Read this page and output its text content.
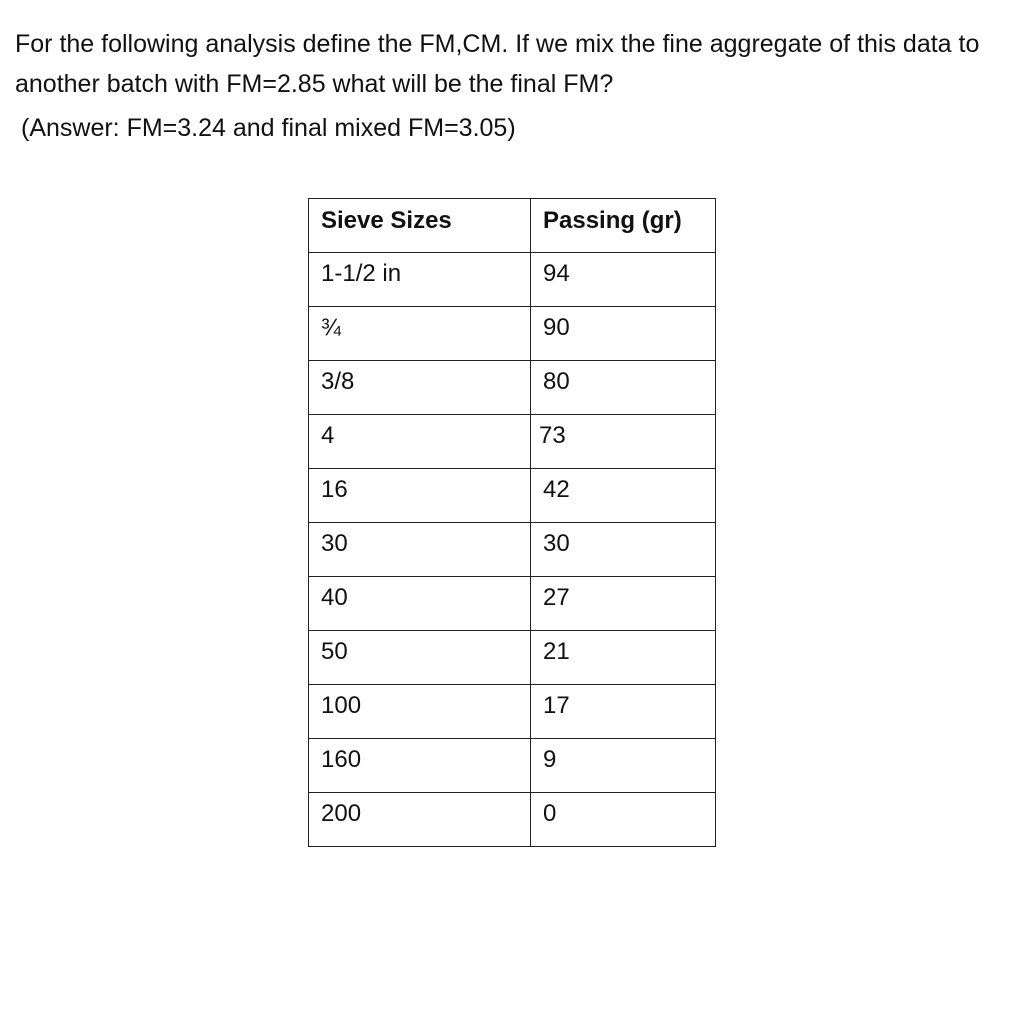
For the following analysis define the FM,CM. If we mix the fine aggregate of this data to another batch with FM=2.85 what will be the final FM?

(Answer: FM=3.24 and final mixed FM=3.05)

Sieve Sizes	Passing (gr)
1-1/2 in	94
¾	90
3/8	80
4	73
16	42
30	30
40	27
50	21
100	17
160	9
200	0
